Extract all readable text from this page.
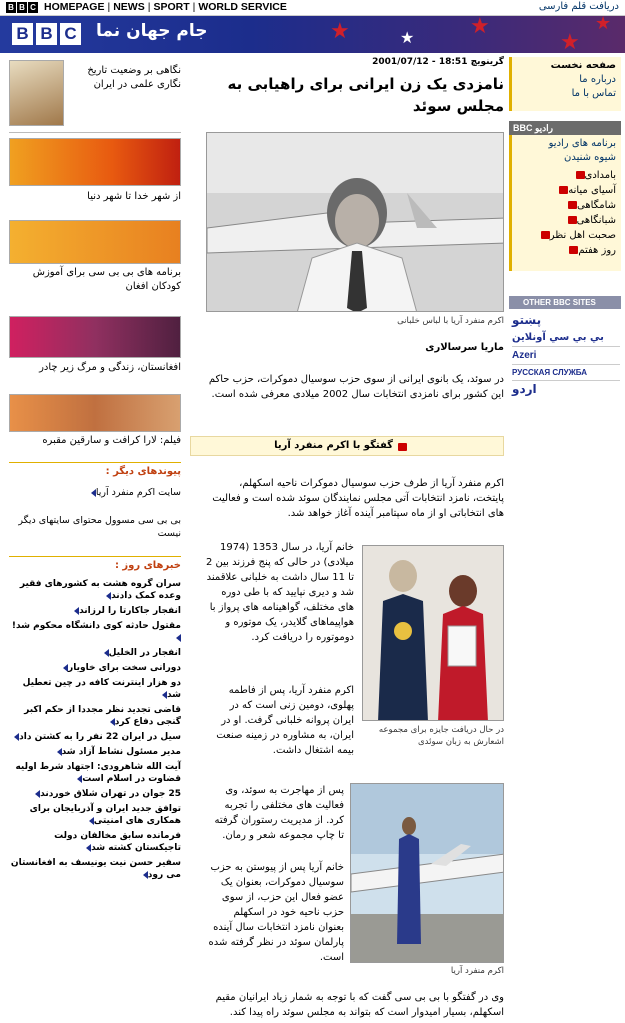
B B C HOMEPAGE | NEWS | SPORT | WORLD SERVICE	دریافت قلم فارسی
★	★	★
★
★
B B C جام جهان نما
صفحه نخست
درباره ما
تماس با ما
BBC رادیو
برنامه های رادیو
شیوه شنیدن
بامدادی
آسیای میانه
شامگاهی
شبانگاهی
صحبت اهل نظر
روز هفتم
OTHER BBC SITES
پښتو
بي بي سي آونلاين
Azeri
РУССКАЯ СЛУЖБА
اردو
نگاهی بر وضعیت تاریخ نگاری علمی در ایران
از شهر خدا تا شهر دنیا
برنامه های بی بی سی برای آموزش کودکان افغان
افغانستان، زندگی و مرگ زیر چادر
فیلم: لارا کرافت و سارقین مقبره
پیوندهای دیگر :
سایت اکرم منفرد آریا
بی بی سی مسوول محتوای سایتهای دیگر نیست
خبرهای روز :
سران گروه هشت به کشورهای فقیر وعده کمک دادند
انفجار جاکارتا را لرزاند
مقتول حادثه کوی دانشگاه محکوم شد!
انفجار در الخلیل
دورانی سخت برای خاویار
دو هزار اینترنت کافه در چین تعطیل شد
قاضی تجدید نظر مجددا از حکم اکبر گنجی دفاع کرد
سیل در ایران 22 نفر را به کشتن داد
مدیر مسئول نشاط آزاد شد
آیت الله شاهرودی: اجتهاد شرط اولیه قضاوت در اسلام است
25 جوان در تهران شلاق خوردند
توافق جدید ایران و آذربایجان برای همکاری های امنیتی
فرمانده سابق مخالفان دولت تاجیکستان کشته شد
سفیر حسن نیت یونیسف به افغانستان می رود
گرینویچ 18:51 - 2001/07/12
نامزدی یک زن ایرانی برای راهیابی به مجلس سوئد
اکرم منفرد آریا با لباس خلبانی
ماریا سرسالاری
در سوئد، یک بانوی ایرانی از سوی حزب سوسیال دموکرات، حزب حاکم این کشور برای نامزدی انتخابات سال 2002 میلادی معرفی شده است.
گفتگو با اکرم منفرد آریا
اکرم منفرد آریا از طرف حزب سوسیال دموکرات ناحیه اسکهلم، پایتخت، نامزد انتخابات آتی مجلس نمایندگان سوئد شده است و فعالیت های انتخاباتی او از ماه سپتامبر آینده آغاز خواهد شد.
در حال دریافت جایزه برای مجموعه اشعارش به زبان سوئدی
خانم آریا، در سال 1353 (1974 میلادی) در حالی که پنج فرزند بین 2 تا 11 سال داشت به خلبانی علاقمند شد و دیری نپایید که با طی دوره های مختلف، گواهینامه های پرواز با هواپیماهای گلایدر، یک موتوره و دوموتوره را دریافت کرد.
اکرم منفرد آریا، پس از فاطمه پهلوی، دومین زنی است که در ایران پروانه خلبانی گرفت. او در ایران، به مشاوره در زمینه صنعت بیمه اشتغال داشت.
اکرم منفرد آریا
پس از مهاجرت به سوئد، وی فعالیت های مختلفی را تجربه کرد. از مدیریت رستوران گرفته تا چاپ مجموعه شعر و رمان.
خانم آریا پس از پیوستن به حزب سوسیال دموکرات، بعنوان یک عضو فعال این حزب، از سوی حزب ناحیه خود در اسکهلم بعنوان نامزد انتخابات سال آینده پارلمان سوئد در نظر گرفته شده است.
وی در گفتگو با بی بی سی گفت که با توجه به شمار زیاد ایرانیان مقیم اسکهلم، بسیار امیدوار است که بتواند به مجلس سوئد راه پیدا کند.
